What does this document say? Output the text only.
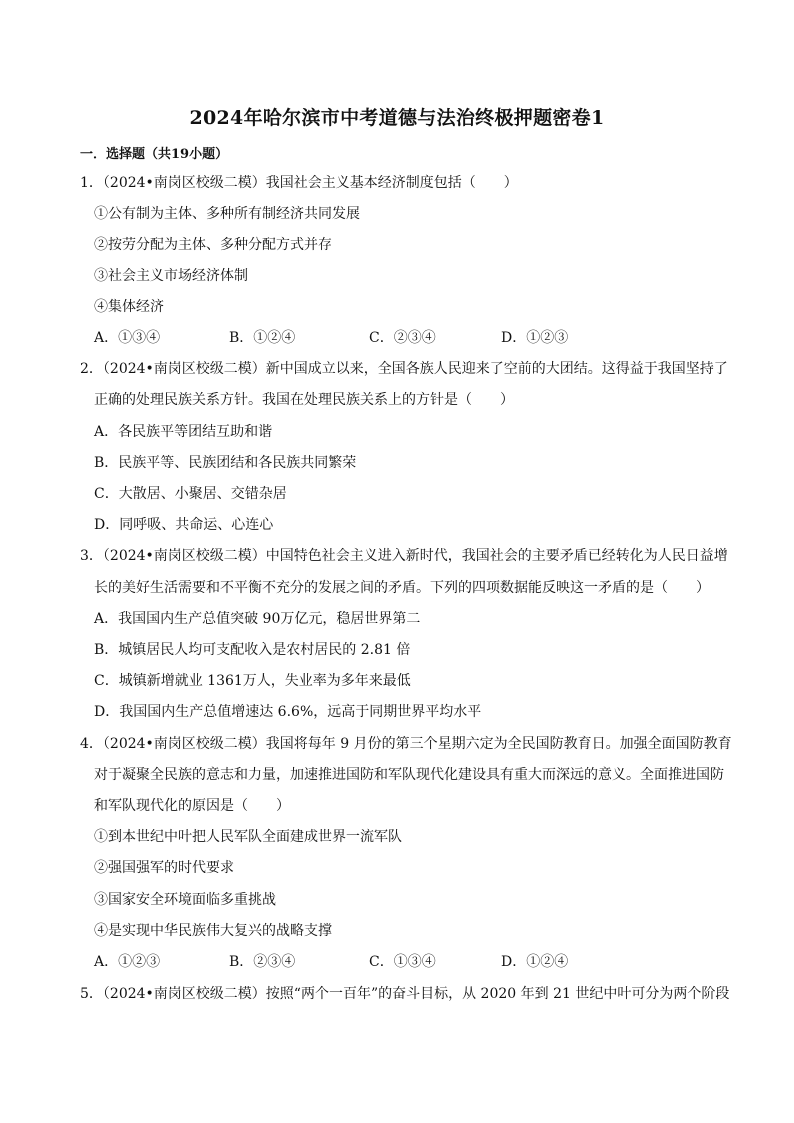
2024年哈尔滨市中考道德与法治终极押题密卷1
一．选择题（共19小题）
1．（2024•南岗区校级二模）我国社会主义基本经济制度包括（　　）
①公有制为主体、多种所有制经济共同发展
②按劳分配为主体、多种分配方式并存
③社会主义市场经济体制
④集体经济
A．①③④	B．①②④	C．②③④	D．①②③
2．（2024•南岗区校级二模）新中国成立以来，全国各族人民迎来了空前的大团结。这得益于我国坚持了
正确的处理民族关系方针。我国在处理民族关系上的方针是（　　）
A．各民族平等团结互助和谐
B．民族平等、民族团结和各民族共同繁荣
C．大散居、小聚居、交错杂居
D．同呼吸、共命运、心连心
3．（2024•南岗区校级二模）中国特色社会主义进入新时代，我国社会的主要矛盾已经转化为人民日益增
长的美好生活需要和不平衡不充分的发展之间的矛盾。下列的四项数据能反映这一矛盾的是（　　）
A．我国国内生产总值突破 90万亿元，稳居世界第二
B．城镇居民人均可支配收入是农村居民的 2.81 倍
C．城镇新增就业 1361万人，失业率为多年来最低
D．我国国内生产总值增速达 6.6%，远高于同期世界平均水平
4．（2024•南岗区校级二模）我国将每年 9 月份的第三个星期六定为全民国防教育日。加强全面国防教育
对于凝聚全民族的意志和力量，加速推进国防和军队现代化建设具有重大而深远的意义。全面推进国防
和军队现代化的原因是（　　）
①到本世纪中叶把人民军队全面建成世界一流军队
②强国强军的时代要求
③国家安全环境面临多重挑战
④是实现中华民族伟大复兴的战略支撑
A．①②③	B．②③④	C．①③④	D．①②④
5．（2024•南岗区校级二模）按照“两个一百年”的奋斗目标，从 2020 年到 21 世纪中叶可分为两个阶段
